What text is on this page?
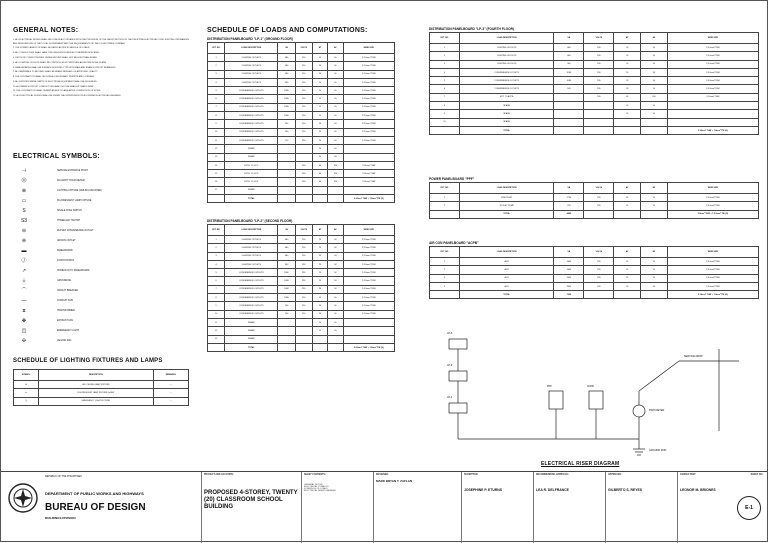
GENERAL NOTES:

1. ALL ELECTRICAL WORKS SHALL BE DONE IN ACCORDANCE WITH THE PROVISION OF THE LATEST EDITION OF THE PHILIPPINE ELECTRICAL CODE, EXISTING ORDINANCES AND REGULATIONS OF THE LOCAL GOVERNMENT AND THE REQUIREMENTS OF THE LOCAL POWER COMPANY.

2. THE POWER CAPACITOR SHALL BE RATED AS PER SCHEDULE OF LOADS.

3. ALL CONDUCTORS SHALL HAVE THW INSULATION UNLESS OTHERWISE SPECIFIED.

4. DEPTH OF CONDUIT BURIED UNDERGROUND SHALL NOT BE LESS THAN 450MM.

5. ALL LIGHTING OUTLETS SHALL BE CONTROLLED BY SWITCHES AS SHOWN IN THE PLANS.

6. PANELBOARDS SHALL BE SURFACE MOUNTED TYPE WITH MAIN AND BRANCH CIRCUIT BREAKERS.

7. ALL MATERIALS TO BE USED SHALL BE BRAND NEW AND OF APPROVED QUALITY.

8. THE CONTRACTOR SHALL SECURE ALL NECESSARY PERMITS AND LICENSES.

9. ALL EXPOSED METAL PARTS OF ELECTRICAL EQUIPMENT SHALL BE GROUNDED.

10. ALL BRANCH CIRCUIT CONDUCTORS SHALL NOT BE SMALLER THAN 3.5MM².

11. THE CONTRACTOR SHALL SUBMIT AS-BUILT PLANS AFTER COMPLETION OF WORK.

12. ALL ELECTRICAL WORKS SHALL BE UNDER THE SUPERVISION OF A LICENSED ELECTRICAL ENGINEER.

ELECTRICAL SYMBOLS:
⊣	SERVICE ENTRANCE POINT
Ⓜ	KILOWATT-HOUR METER
⊕	LIGHTING FIXTURE (CEILING MOUNTED)
▭	FLUORESCENT LAMP FIXTURE
S	SINGLE POLE SWITCH
S3	THREE-WAY SWITCH
⊖	DUPLEX CONVENIENCE OUTLET
⊜	AIRCON OUTLET
▬	PANELBOARD
Ⓙ	JUNCTION BOX
↗	HOME RUN TO PANELBOARD
⏚	GROUNDING
⌒	CIRCUIT BREAKER
—	CONDUIT RUN
⧖	TRANSFORMER
✤	EXHAUST FAN
◫	EMERGENCY LIGHT
✣	CEILING FAN
SCHEDULE OF LIGHTING FIXTURES AND LAMPS
SYMBOL	DESCRIPTION	REMARKS
⊕	LED CEILING LAMP FIXTURE	—
▭	FLUORESCENT LAMP FIXTURE 1x36W	—
◫	EMERGENCY LIGHT FIXTURE	—
SCHEDULE OF LOADS AND COMPUTATIONS:
DISTRIBUTION PANELBOARD "LP-1" (GROUND FLOOR)
CKT. NO.	LOAD DESCRIPTION	VA	VOLTS	AT	AF	WIRE SIZE
1	LIGHTING OUTLETS	480	230	20	50	2-3.5mm² THW
2	LIGHTING OUTLETS	480	230	20	50	2-3.5mm² THW
3	LIGHTING OUTLETS	480	230	20	50	2-3.5mm² THW
4	LIGHTING OUTLETS	360	230	20	50	2-3.5mm² THW
5	CONVENIENCE OUTLETS	1080	230	20	50	2-3.5mm² THW
6	CONVENIENCE OUTLETS	1080	230	20	50	2-3.5mm² THW
7	CONVENIENCE OUTLETS	1080	230	20	50	2-3.5mm² THW
8	CONVENIENCE OUTLETS	1080	230	20	50	2-3.5mm² THW
9	CONVENIENCE OUTLETS	900	230	20	50	2-3.5mm² THW
10	CONVENIENCE OUTLETS	900	230	20	50	2-3.5mm² THW
11	CONVENIENCE OUTLETS	720	230	20	50	2-3.5mm² THW
12	SPARE			20	50	
13	SPARE			20	50	
14	EXTN. TO LP-2		230	60	100	2-14mm² THW
15	EXTN. TO LP-3		230	60	100	2-14mm² THW
16	EXTN. TO LP-4		230	60	100	2-14mm² THW
17	SPARE					
	TOTAL					2-30mm² THW + 1-8mm² TW (G)
DISTRIBUTION PANELBOARD "LP-2" (SECOND FLOOR)
CKT. NO.	LOAD DESCRIPTION	VA	VOLTS	AT	AF	WIRE SIZE
1	LIGHTING OUTLETS	480	230	20	50	2-3.5mm² THW
2	LIGHTING OUTLETS	480	230	20	50	2-3.5mm² THW
3	LIGHTING OUTLETS	480	230	20	50	2-3.5mm² THW
4	LIGHTING OUTLETS	360	230	20	50	2-3.5mm² THW
5	CONVENIENCE OUTLETS	1080	230	20	50	2-3.5mm² THW
6	CONVENIENCE OUTLETS	1080	230	20	50	2-3.5mm² THW
7	CONVENIENCE OUTLETS	1080	230	20	50	2-3.5mm² THW
8	CONVENIENCE OUTLETS	1080	230	20	50	2-3.5mm² THW
9	CONVENIENCE OUTLETS	900	230	20	50	2-3.5mm² THW
10	CONVENIENCE OUTLETS	900	230	20	50	2-3.5mm² THW
11	SPARE			20	50	
12	SPARE			20	50	
13	SPARE					
	TOTAL					2-22mm² THW + 1-8mm² TW (G)
DISTRIBUTION PANELBOARD "LP-3" (FOURTH FLOOR)
CKT. NO.	LOAD DESCRIPTION	VA	VOLTS	AT	AF	WIRE SIZE
1	LIGHTING OUTLETS	480	230	20	50	2-3.5mm² THW
2	LIGHTING OUTLETS	480	230	20	50	2-3.5mm² THW
3	LIGHTING OUTLETS	360	230	20	50	2-3.5mm² THW
4	CONVENIENCE OUTLETS	1080	230	20	50	2-3.5mm² THW
5	CONVENIENCE OUTLETS	1080	230	20	50	2-3.5mm² THW
6	CONVENIENCE OUTLETS	900	230	20	50	2-3.5mm² THW
7	EXT. TO ACPB		230	60	100	2-14mm² THW
8	SPARE			20	50	
9	SPARE			20	50	
10	SPARE					
	TOTAL					2-22mm² THW + 1-8mm² TW (G)
POWER PANELBOARD "PPF"
CKT. NO.	LOAD DESCRIPTION	VA	VOLTS	AT	AF	WIRE SIZE
1	FIRE PUMP	3730	230	30	50	2-5.5mm² THW
2	JOCKEY PUMP	750	230	20	50	2-3.5mm² THW
	TOTAL	4480				2-8mm² THW + 1-5.5mm² TW (G)
AIR CON PANELBOARD "ACPB"
CKT. NO.	LOAD DESCRIPTION	VA	VOLTS	AT	AF	WIRE SIZE
1	ACU	1800	230	20	50	2-3.5mm² THW
2	ACU	1800	230	20	50	2-3.5mm² THW
3	ACU	1800	230	20	50	2-3.5mm² THW
4	ACU	1800	230	20	50	2-3.5mm² THW
	TOTAL	7200				2-14mm² THW + 1-8mm² TW (G)
LP-3
LP-2
LP-1
PPF	ACPB
KWH METER
SERVICE DROP
GROUND ROD
ELECTRICAL RISER DIAGRAM
REPUBLIC OF THE PHILIPPINES
DEPARTMENT OF PUBLIC WORKS AND HIGHWAYS
BUREAU OF DESIGN
BUILDINGS DIVISION
PROJECT AND LOCATION:
PROPOSED 4-STOREY, TWENTY (20) CLASSROOM SCHOOL BUILDING
SHEET CONTENTS:
GENERAL NOTES
ELECTRICAL SYMBOLS
SCHEDULE OF LOADS
ELECTRICAL RISER DIAGRAM
DESIGNED:
MARK BRYAN T. ZAFLAN
SUBMITTED:
JOSEPHINE P. ETURNS
RECOMMENDING APPROVAL:
LEA R. DELFRANCE
APPROVED:
GILBERTO S. REYES
CONSULTANT:
LEONOR M. BRIONES
SHEET NO.
E-1
